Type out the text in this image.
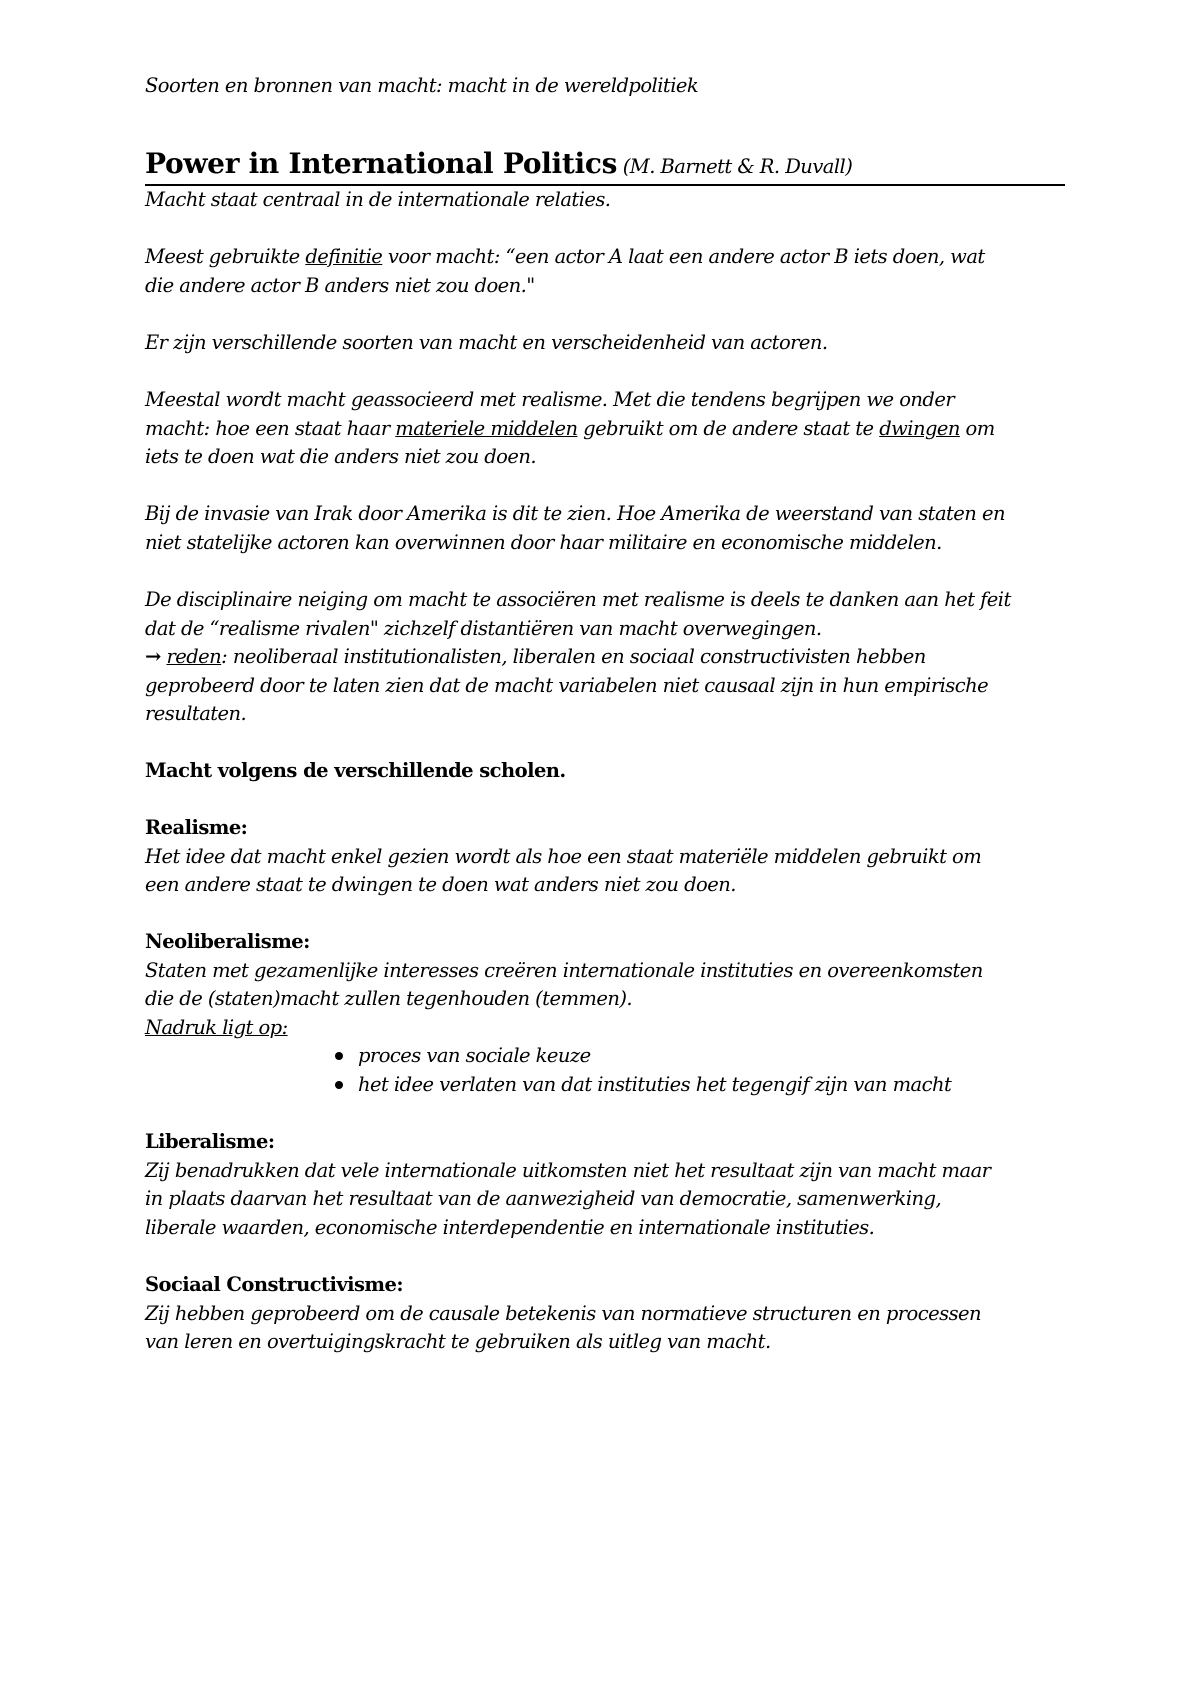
Soorten en bronnen van macht: macht in de wereldpolitiek

Power in International Politics (M. Barnett & R. Duvall)

Macht staat centraal in de internationale relaties.

Meest gebruikte definitie voor macht: “een actor A laat een andere actor B iets doen, wat
die andere actor B anders niet zou doen."

Er zijn verschillende soorten van macht en verscheidenheid van actoren.

Meestal wordt macht geassocieerd met realisme. Met die tendens begrijpen we onder
macht: hoe een staat haar materiele middelen gebruikt om de andere staat te dwingen om
iets te doen wat die anders niet zou doen.
Bij de invasie van Irak door Amerika is dit te zien. Hoe Amerika de weerstand van staten en
niet statelijke actoren kan overwinnen door haar militaire en economische middelen.
De disciplinaire neiging om macht te associëren met realisme is deels te danken aan het feit
dat de “realisme rivalen" zichzelf distantiëren van macht overwegingen.
→ reden: neoliberaal institutionalisten, liberalen en sociaal constructivisten hebben
geprobeerd door te laten zien dat de macht variabelen niet causaal zijn in hun empirische
resultaten.

Macht volgens de verschillende scholen.

Realisme:
Het idee dat macht enkel gezien wordt als hoe een staat materiële middelen gebruikt om
een andere staat te dwingen te doen wat anders niet zou doen.
Neoliberalisme:
Staten met gezamenlijke interesses creëren internationale instituties en overeenkomsten
die de (staten)macht zullen tegenhouden (temmen).
Nadruk ligt op:
proces van sociale keuze
het idee verlaten van dat instituties het tegengif zijn van macht
Liberalisme:
Zij benadrukken dat vele internationale uitkomsten niet het resultaat zijn van macht maar
in plaats daarvan het resultaat van de aanwezigheid van democratie, samenwerking,
liberale waarden, economische interdependentie en internationale instituties.
Sociaal Constructivisme:
Zij hebben geprobeerd om de causale betekenis van normatieve structuren en processen
van leren en overtuigingskracht te gebruiken als uitleg van macht.
